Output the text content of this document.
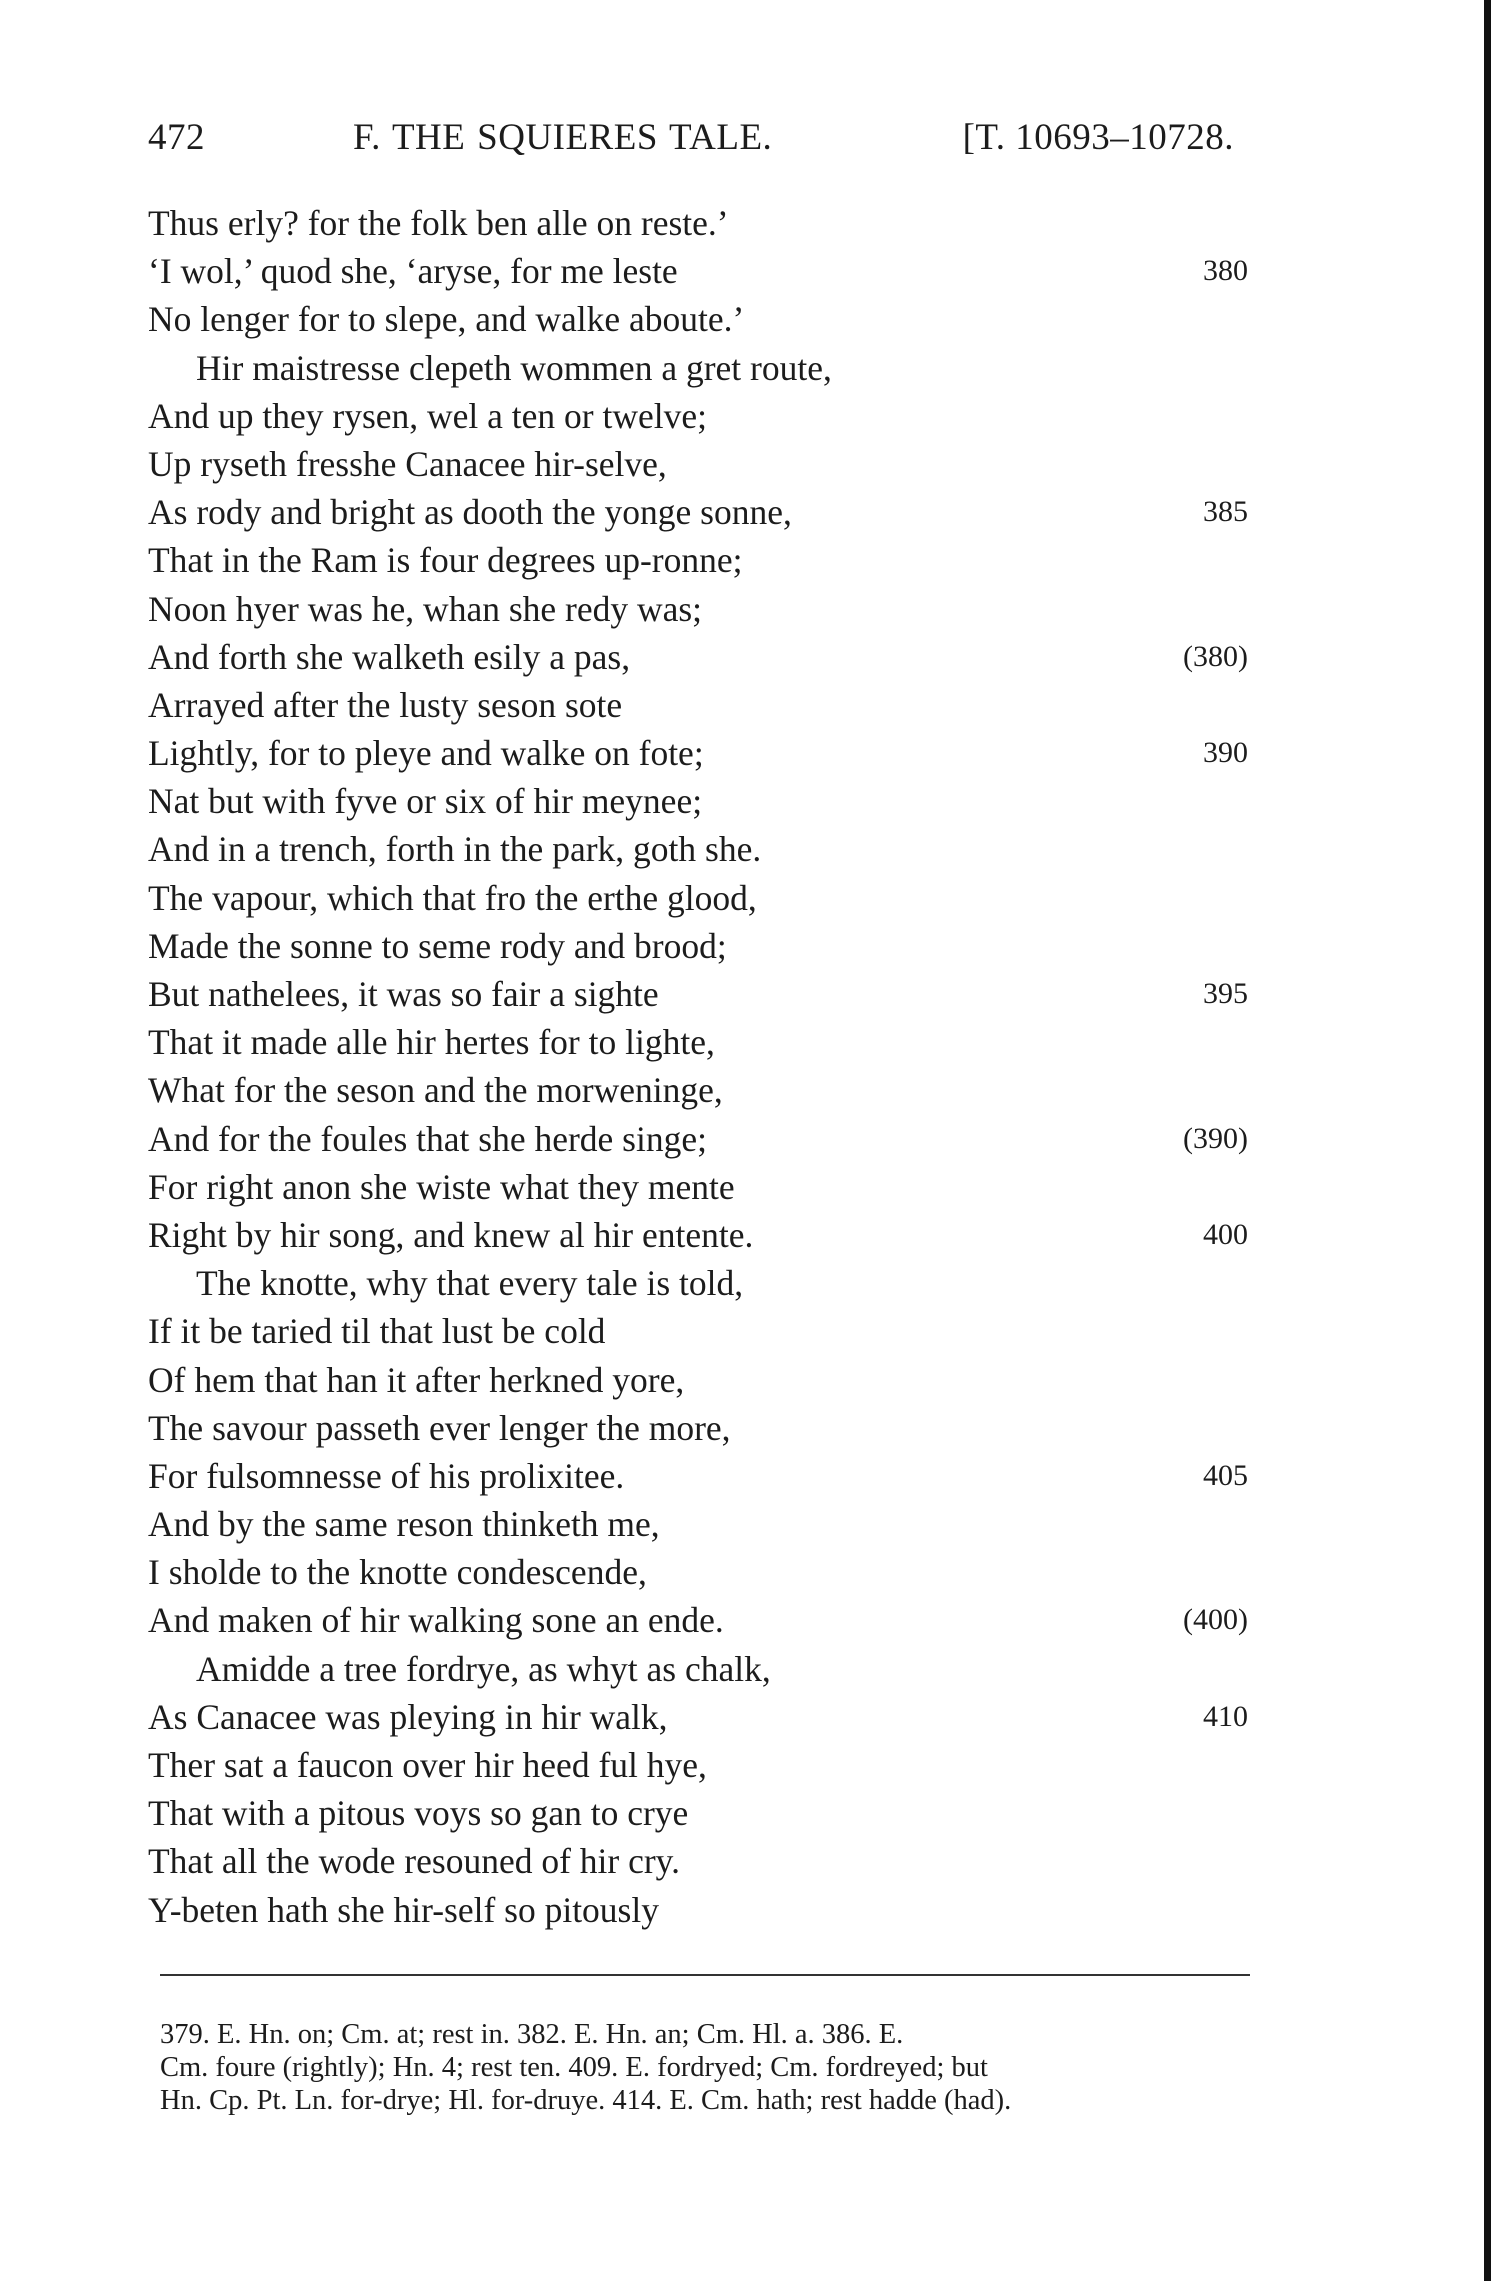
472	F. THE SQUIERES TALE.	[T. 10693–10728.
Thus erly? for the folk ben alle on reste.’
‘I wol,’ quod she, ‘aryse, for me leste	380
No lenger for to slepe, and walke aboute.’
Hir maistresse clepeth wommen a gret route,
And up they rysen, wel a ten or twelve;
Up ryseth fresshe Canacee hir-selve,
As rody and bright as dooth the yonge sonne,	385
That in the Ram is four degrees up-ronne;
Noon hyer was he, whan she redy was;
And forth she walketh esily a pas,	(380)
Arrayed after the lusty seson sote
Lightly, for to pleye and walke on fote;	390
Nat but with fyve or six of hir meynee;
And in a trench, forth in the park, goth she.
The vapour, which that fro the erthe glood,
Made the sonne to seme rody and brood;
But nathelees, it was so fair a sighte	395
That it made alle hir hertes for to lighte,
What for the seson and the morweninge,
And for the foules that she herde singe;	(390)
For right anon she wiste what they mente
Right by hir song, and knew al hir entente.	400
The knotte, why that every tale is told,
If it be taried til that lust be cold
Of hem that han it after herkned yore,
The savour passeth ever lenger the more,
For fulsomnesse of his prolixitee.	405
And by the same reson thinketh me,
I sholde to the knotte condescende,
And maken of hir walking sone an ende.	(400)
Amidde a tree fordrye, as whyt as chalk,
As Canacee was pleying in hir walk,	410
Ther sat a faucon over hir heed ful hye,
That with a pitous voys so gan to crye
That all the wode resouned of hir cry.
Y-beten hath she hir-self so pitously

379. E. Hn. on; Cm. at; rest in. 382. E. Hn. an; Cm. Hl. a. 386. E.

Cm. foure (rightly); Hn. 4; rest ten. 409. E. fordryed; Cm. fordreyed; but

Hn. Cp. Pt. Ln. for-drye; Hl. for-druye. 414. E. Cm. hath; rest hadde (had).
